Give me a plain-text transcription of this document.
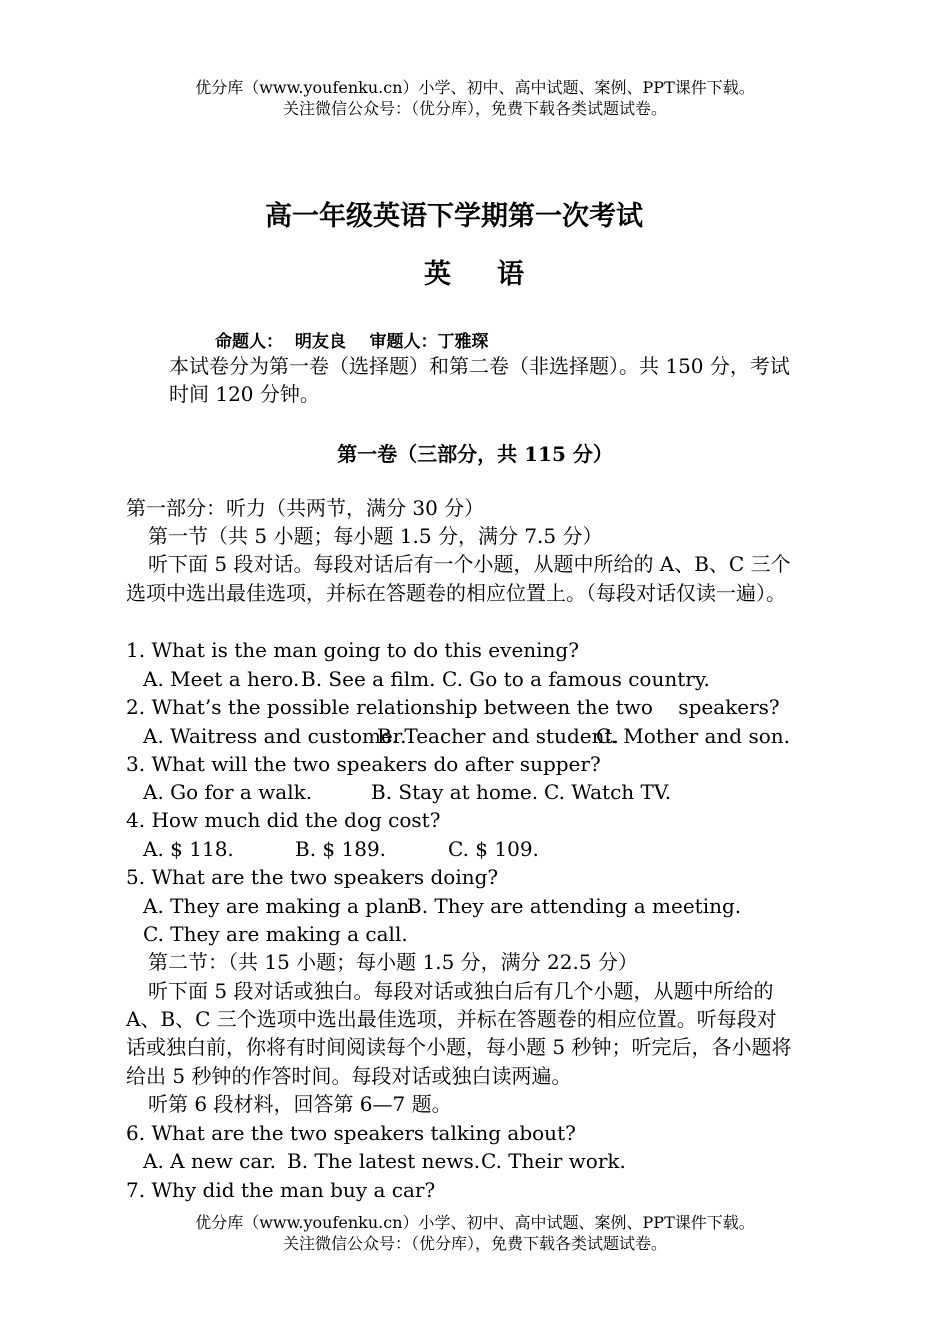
优分库（www.youfenku.cn）小学、初中、高中试题、案例、PPT课件下载。

关注微信公众号：（优分库），免费下载各类试题试卷。

高一年级英语下学期第一次考试

英 语

命题人：  明友良    审题人：丁雅琛

本试卷分为第一卷（选择题）和第二卷（非选择题）。共 150 分，考试

时间 120 分钟。

第一卷（三部分，共 115 分）

第一部分：听力（共两节，满分 30 分）

第一节（共 5 小题；每小题 1.5 分，满分 7.5 分）

听下面 5 段对话。每段对话后有一个小题，从题中所给的 A、B、C 三个

选项中选出最佳选项，并标在答题卷的相应位置上。（每段对话仅读一遍）。

1. What is the man going to do this evening?

A. Meet a hero. B. See a film. C. Go to a famous country.

2. What’s the possible relationship between the two    speakers?

A. Waitress and customer.
B. Teacher and student.
C. Mother and son.

3. What will the two speakers do after supper?

A. Go for a walk.	B. Stay at home. C. Watch TV.

4. How much did the dog cost?

A. $ 118.	B. $ 189.	C. $ 109.

5. What are the two speakers doing?

A. They are making a plan.
B. They are attending a meeting.
C. They are making a call.

第二节：（共 15 小题；每小题 1.5 分，满分 22.5 分）

听下面 5 段对话或独白。每段对话或独白后有几个小题，从题中所给的

A、B、C 三个选项中选出最佳选项，并标在答题卷的相应位置。听每段对

话或独白前，你将有时间阅读每个小题，每小题 5 秒钟；听完后，各小题将

给出 5 秒钟的作答时间。每段对话或独白读两遍。

听第 6 段材料，回答第 6—7 题。

6. What are the two speakers talking about?

A. A new car. B. The latest news. C. Their work.

7. Why did the man buy a car?

优分库（www.youfenku.cn）小学、初中、高中试题、案例、PPT课件下载。

关注微信公众号：（优分库），免费下载各类试题试卷。
